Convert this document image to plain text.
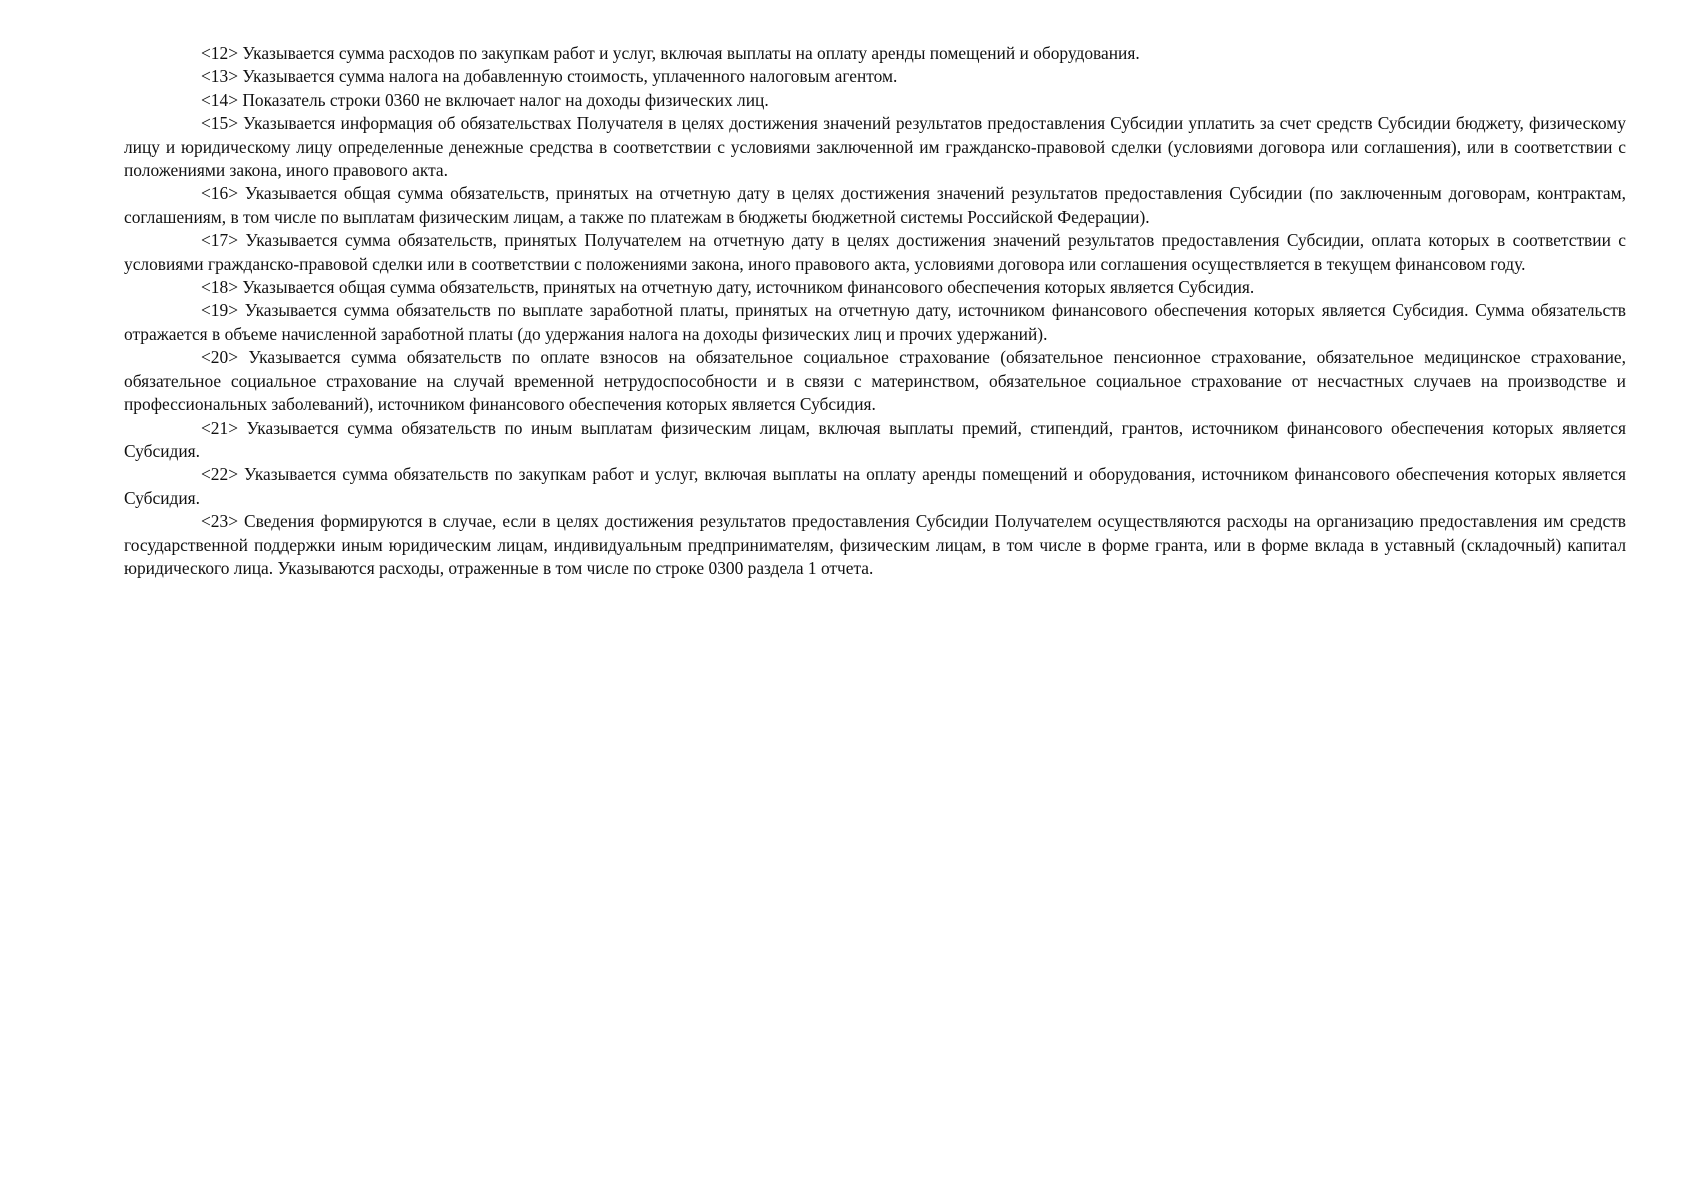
<12> Указывается сумма расходов по закупкам работ и услуг, включая выплаты на оплату аренды помещений и оборудования.

<13> Указывается сумма налога на добавленную стоимость, уплаченного налоговым агентом.

<14> Показатель строки 0360 не включает налог на доходы физических лиц.

<15> Указывается информация об обязательствах Получателя в целях достижения значений результатов предоставления Субсидии уплатить за счет средств Субсидии бюджету, физическому лицу и юридическому лицу определенные денежные средства в соответствии с условиями заключенной им гражданско-правовой сделки (условиями договора или соглашения), или в соответствии с положениями закона, иного правового акта.

<16> Указывается общая сумма обязательств, принятых на отчетную дату в целях достижения значений результатов предоставления Субсидии (по заключенным договорам, контрактам, соглашениям, в том числе по выплатам физическим лицам, а также по платежам в бюджеты бюджетной системы Российской Федерации).

<17> Указывается сумма обязательств, принятых Получателем на отчетную дату в целях достижения значений результатов предоставления Субсидии, оплата которых в соответствии с условиями гражданско-правовой сделки или в соответствии с положениями закона, иного правового акта, условиями договора или соглашения осуществляется в текущем финансовом году.

<18> Указывается общая сумма обязательств, принятых на отчетную дату, источником финансового обеспечения которых является Субсидия.

<19> Указывается сумма обязательств по выплате заработной платы, принятых на отчетную дату, источником финансового обеспечения которых является Субсидия. Сумма обязательств отражается в объеме начисленной заработной платы (до удержания налога на доходы физических лиц и прочих удержаний).

<20> Указывается сумма обязательств по оплате взносов на обязательное социальное страхование (обязательное пенсионное страхование, обязательное медицинское страхование, обязательное социальное страхование на случай временной нетрудоспособности и в связи с материнством, обязательное социальное страхование от несчастных случаев на производстве и профессиональных заболеваний), источником финансового обеспечения которых является Субсидия.

<21> Указывается сумма обязательств по иным выплатам физическим лицам, включая выплаты премий, стипендий, грантов, источником финансового обеспечения которых является Субсидия.

<22> Указывается сумма обязательств по закупкам работ и услуг, включая выплаты на оплату аренды помещений и оборудования, источником финансового обеспечения которых является Субсидия.

<23> Сведения формируются в случае, если в целях достижения результатов предоставления Субсидии Получателем осуществляются расходы на организацию предоставления им средств государственной поддержки иным юридическим лицам, индивидуальным предпринимателям, физическим лицам, в том числе в форме гранта, или в форме вклада в уставный (складочный) капитал юридического лица. Указываются расходы, отраженные в том числе по строке 0300 раздела 1 отчета.
